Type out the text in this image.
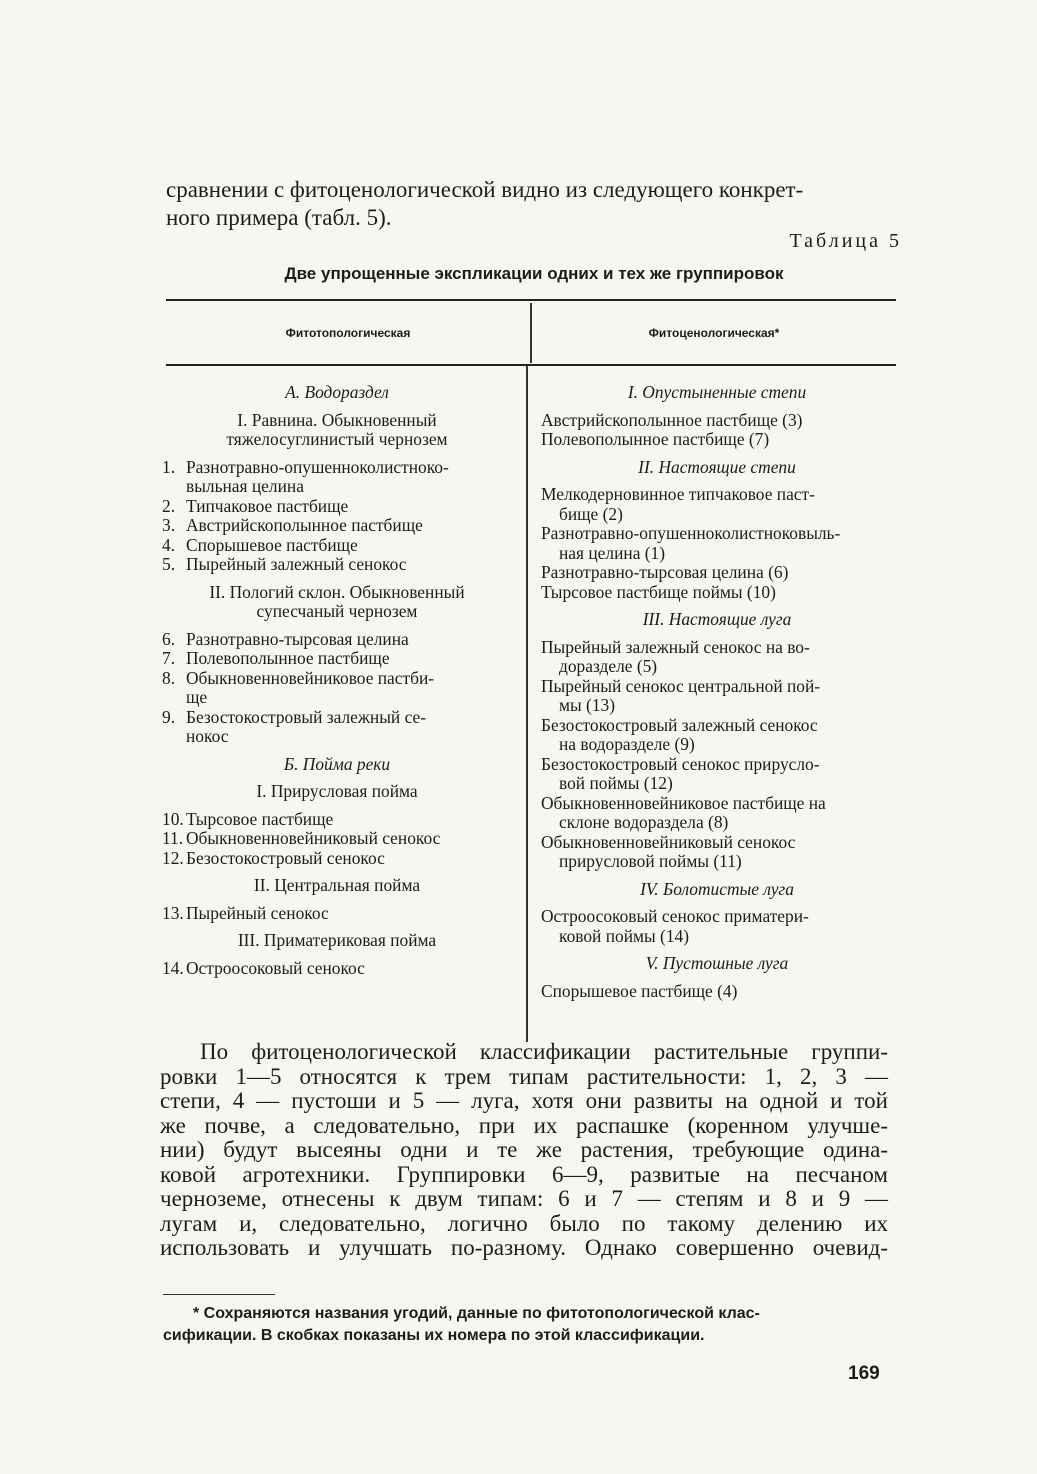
сравнении с фитоценологической видно из следующего конкрет-
ного примера (табл. 5).
Таблица 5
Две упрощенные экспликации одних и тех же группировок
Фитотопологическая	Фитоценологическая*
А. Водораздел
I. Равнина. Обыкновенный
тяжелосуглинистый чернозем
1. Разнотравно-опушенноколистноко-
выльная целина
2. Типчаковое пастбище
3. Австрийскополынное пастбище
4. Спорышевое пастбище
5. Пырейный залежный сенокос
II. Пологий склон. Обыкновенный
супесчаный чернозем
6. Разнотравно-тырсовая целина
7. Полевополынное пастбище
8. Обыкновенновейниковое пастби-
ще
9. Безостокостровый залежный се-
нокос
Б. Пойма реки
I. Прирусловая пойма
10. Тырсовое пастбище
11. Обыкновенновейниковый сенокос
12. Безостокостровый сенокос
II. Центральная пойма
13. Пырейный сенокос
III. Приматериковая пойма
14. Остроосоковый сенокос
I. Опустыненные степи
Австрийскополынное пастбище (3)
Полевополынное пастбище (7)
II. Настоящие степи
Мелкодерновинное типчаковое паст-
бище (2)
Разнотравно-опушенноколистноковыль-
ная целина (1)
Разнотравно-тырсовая целина (6)
Тырсовое пастбище поймы (10)
III. Настоящие луга
Пырейный залежный сенокос на во-
доразделе (5)
Пырейный сенокос центральной пой-
мы (13)
Безостокостровый залежный сенокос
на водоразделе (9)
Безостокостровый сенокос прирусло-
вой поймы (12)
Обыкновенновейниковое пастбище на
склоне водораздела (8)
Обыкновенновейниковый сенокос
прирусловой поймы (11)
IV. Болотистые луга
Остроосоковый сенокос приматери-
ковой поймы (14)
V. Пустошные луга
Спорышевое пастбище (4)
По фитоценологической классификации растительные группи-
ровки 1—5 относятся к трем типам растительности: 1, 2, 3 —
степи, 4 — пустоши и 5 — луга, хотя они развиты на одной и той
же почве, а следовательно, при их распашке (коренном улучше-
нии) будут высеяны одни и те же растения, требующие одина-
ковой агротехники. Группировки 6—9, развитые на песчаном
черноземе, отнесены к двум типам: 6 и 7 — степям и 8 и 9 —
лугам и, следовательно, логично было по такому делению их
использовать и улучшать по-разному. Однако совершенно очевид-
* Сохраняются названия угодий, данные по фитотопологической клас-
сификации. В скобках показаны их номера по этой классификации.
169
